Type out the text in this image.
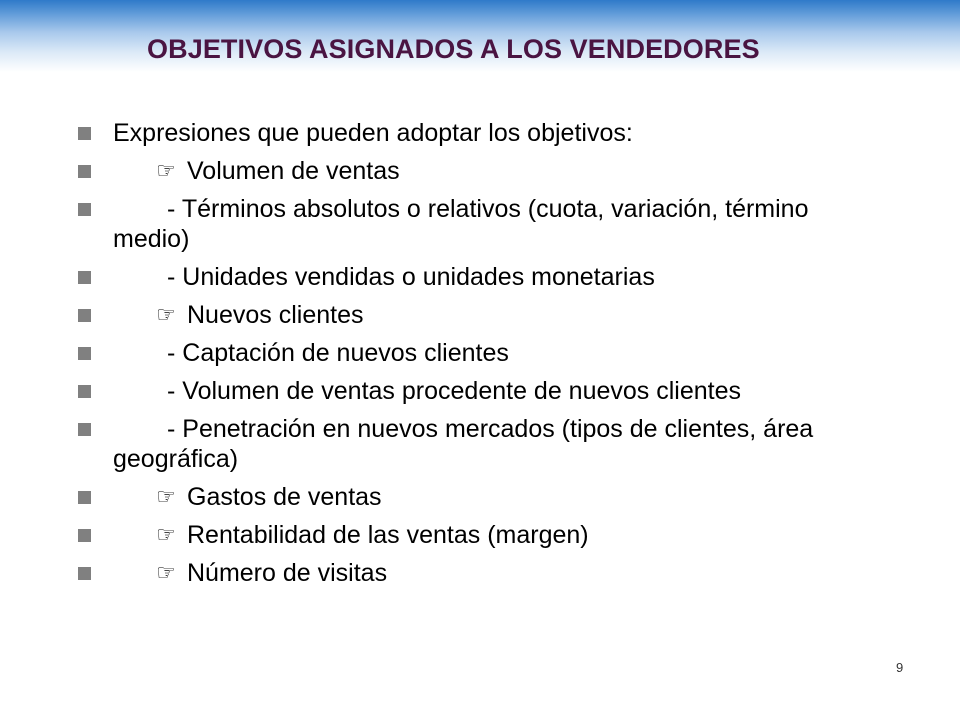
OBJETIVOS ASIGNADOS A LOS VENDEDORES
Expresiones que pueden adoptar los objetivos:
☞ Volumen de ventas
- Términos absolutos o relativos (cuota, variación, término medio)
- Unidades vendidas o unidades monetarias
☞ Nuevos clientes
- Captación de nuevos clientes
- Volumen de ventas procedente de nuevos clientes
- Penetración en nuevos mercados (tipos de clientes, área geográfica)
☞ Gastos de ventas
☞ Rentabilidad de las ventas (margen)
☞ Número de visitas
9
